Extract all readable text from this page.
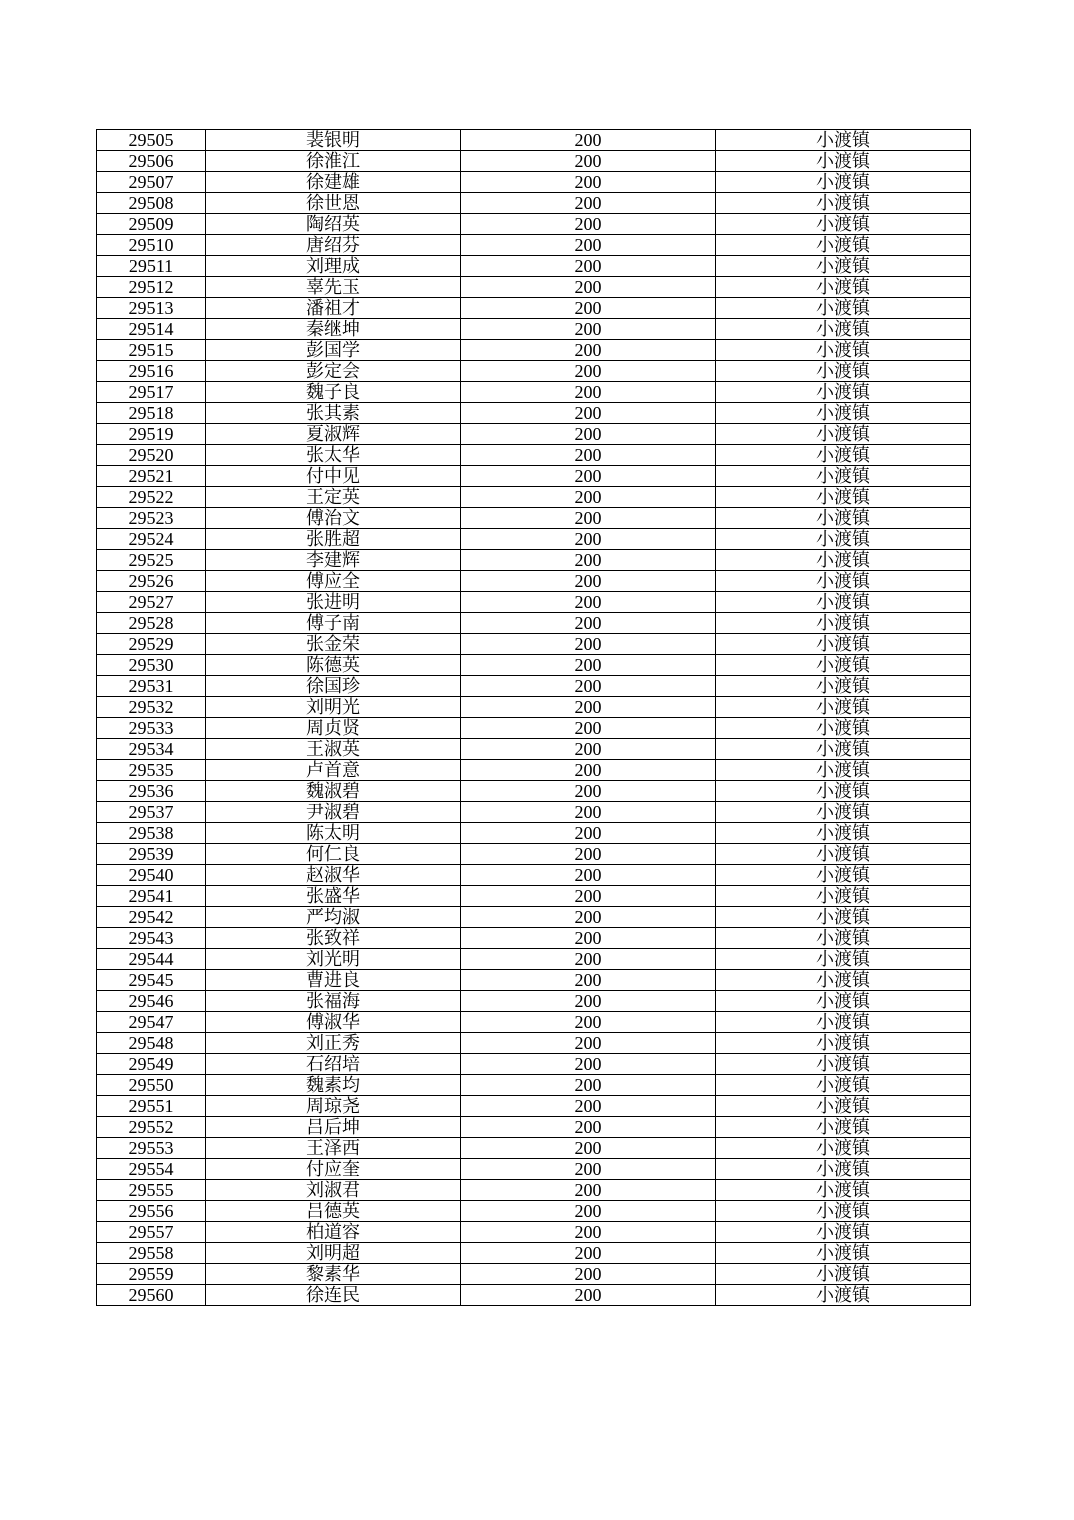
29505	裴银明	200	小渡镇
29506	徐淮江	200	小渡镇
29507	徐建雄	200	小渡镇
29508	徐世恩	200	小渡镇
29509	陶绍英	200	小渡镇
29510	唐绍芬	200	小渡镇
29511	刘理成	200	小渡镇
29512	辜先玉	200	小渡镇
29513	潘祖才	200	小渡镇
29514	秦继坤	200	小渡镇
29515	彭国学	200	小渡镇
29516	彭定会	200	小渡镇
29517	魏子良	200	小渡镇
29518	张其素	200	小渡镇
29519	夏淑辉	200	小渡镇
29520	张太华	200	小渡镇
29521	付中见	200	小渡镇
29522	王定英	200	小渡镇
29523	傅治文	200	小渡镇
29524	张胜超	200	小渡镇
29525	李建辉	200	小渡镇
29526	傅应全	200	小渡镇
29527	张进明	200	小渡镇
29528	傅子南	200	小渡镇
29529	张金荣	200	小渡镇
29530	陈德英	200	小渡镇
29531	徐国珍	200	小渡镇
29532	刘明光	200	小渡镇
29533	周贞贤	200	小渡镇
29534	王淑英	200	小渡镇
29535	卢首意	200	小渡镇
29536	魏淑碧	200	小渡镇
29537	尹淑碧	200	小渡镇
29538	陈太明	200	小渡镇
29539	何仁良	200	小渡镇
29540	赵淑华	200	小渡镇
29541	张盛华	200	小渡镇
29542	严均淑	200	小渡镇
29543	张致祥	200	小渡镇
29544	刘光明	200	小渡镇
29545	曹进良	200	小渡镇
29546	张福海	200	小渡镇
29547	傅淑华	200	小渡镇
29548	刘正秀	200	小渡镇
29549	石绍培	200	小渡镇
29550	魏素均	200	小渡镇
29551	周琼尧	200	小渡镇
29552	吕后坤	200	小渡镇
29553	王泽西	200	小渡镇
29554	付应奎	200	小渡镇
29555	刘淑君	200	小渡镇
29556	吕德英	200	小渡镇
29557	柏道容	200	小渡镇
29558	刘明超	200	小渡镇
29559	黎素华	200	小渡镇
29560	徐连民	200	小渡镇
